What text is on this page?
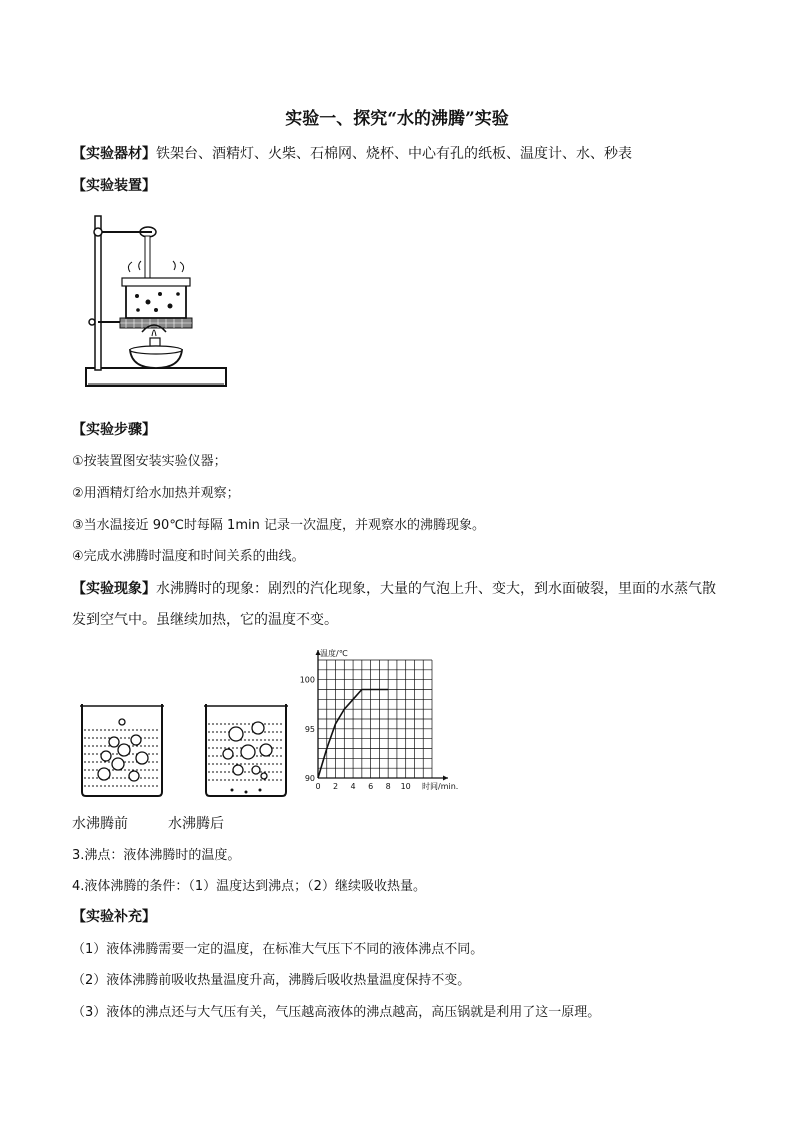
实验一、探究“水的沸腾”实验
【实验器材】铁架台、酒精灯、火柴、石棉网、烧杯、中心有孔的纸板、温度计、水、秒表
【实验装置】
【实验步骤】
①按装置图安装实验仪器；
②用酒精灯给水加热并观察；
③当水温接近 90℃时每隔 1min 记录一次温度，并观察水的沸腾现象。
④完成水沸腾时温度和时间关系的曲线。
【实验现象】水沸腾时的现象：剧烈的汽化现象，大量的气泡上升、变大，到水面破裂，里面的水蒸气散
发到空气中。虽继续加热，它的温度不变。
0 2 4 6 8 10
90
95
100
温度/℃
时间/min.
水沸腾前	水沸腾后
3.沸点：液体沸腾时的温度。
4.液体沸腾的条件：（1）温度达到沸点；（2）继续吸收热量。
【实验补充】
（1）液体沸腾需要一定的温度，在标准大气压下不同的液体沸点不同。
（2）液体沸腾前吸收热量温度升高，沸腾后吸收热量温度保持不变。
（3）液体的沸点还与大气压有关，气压越高液体的沸点越高，高压锅就是利用了这一原理。
